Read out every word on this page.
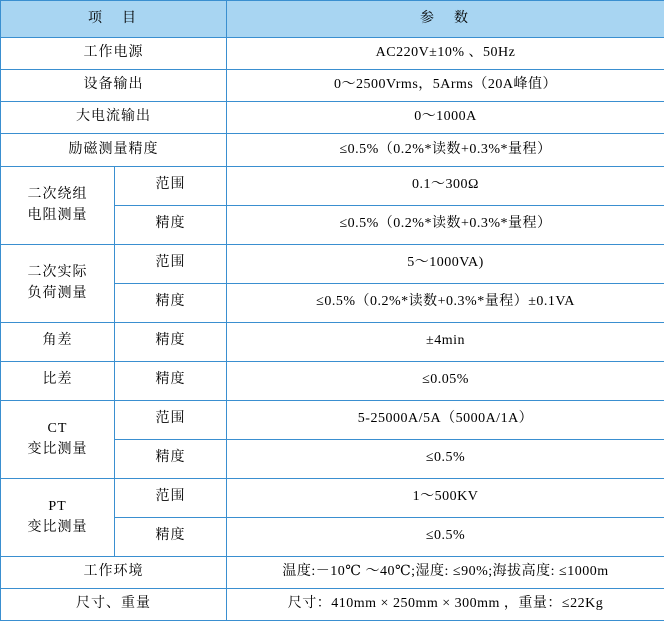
项　目		参　数
工作电源		AC220V±10% 、50Hz
设备输出		0～2500Vrms，5Arms（20A峰值）
大电流输出		0～1000A
励磁测量精度		≤0.5%（0.2%*读数+0.3%*量程）

二次绕组
电阻测量	范围	0.1～300Ω
	精度	≤0.5%（0.2%*读数+0.3%*量程）

二次实际
负荷测量	范围	5～1000VA)
	精度	≤0.5%（0.2%*读数+0.3%*量程）±0.1VA
角差	精度	±4min
比差	精度	≤0.05%

CT
变比测量	范围	5-25000A/5A（5000A/1A）
	精度	≤0.5%

PT
变比测量	范围	1～500KV
	精度	≤0.5%
工作环境		温度:－10℃ ～40℃;湿度: ≤90%;海拔高度: ≤1000m
尺寸、重量		尺寸：410mm × 250mm × 300mm ，重量：≤22Kg
